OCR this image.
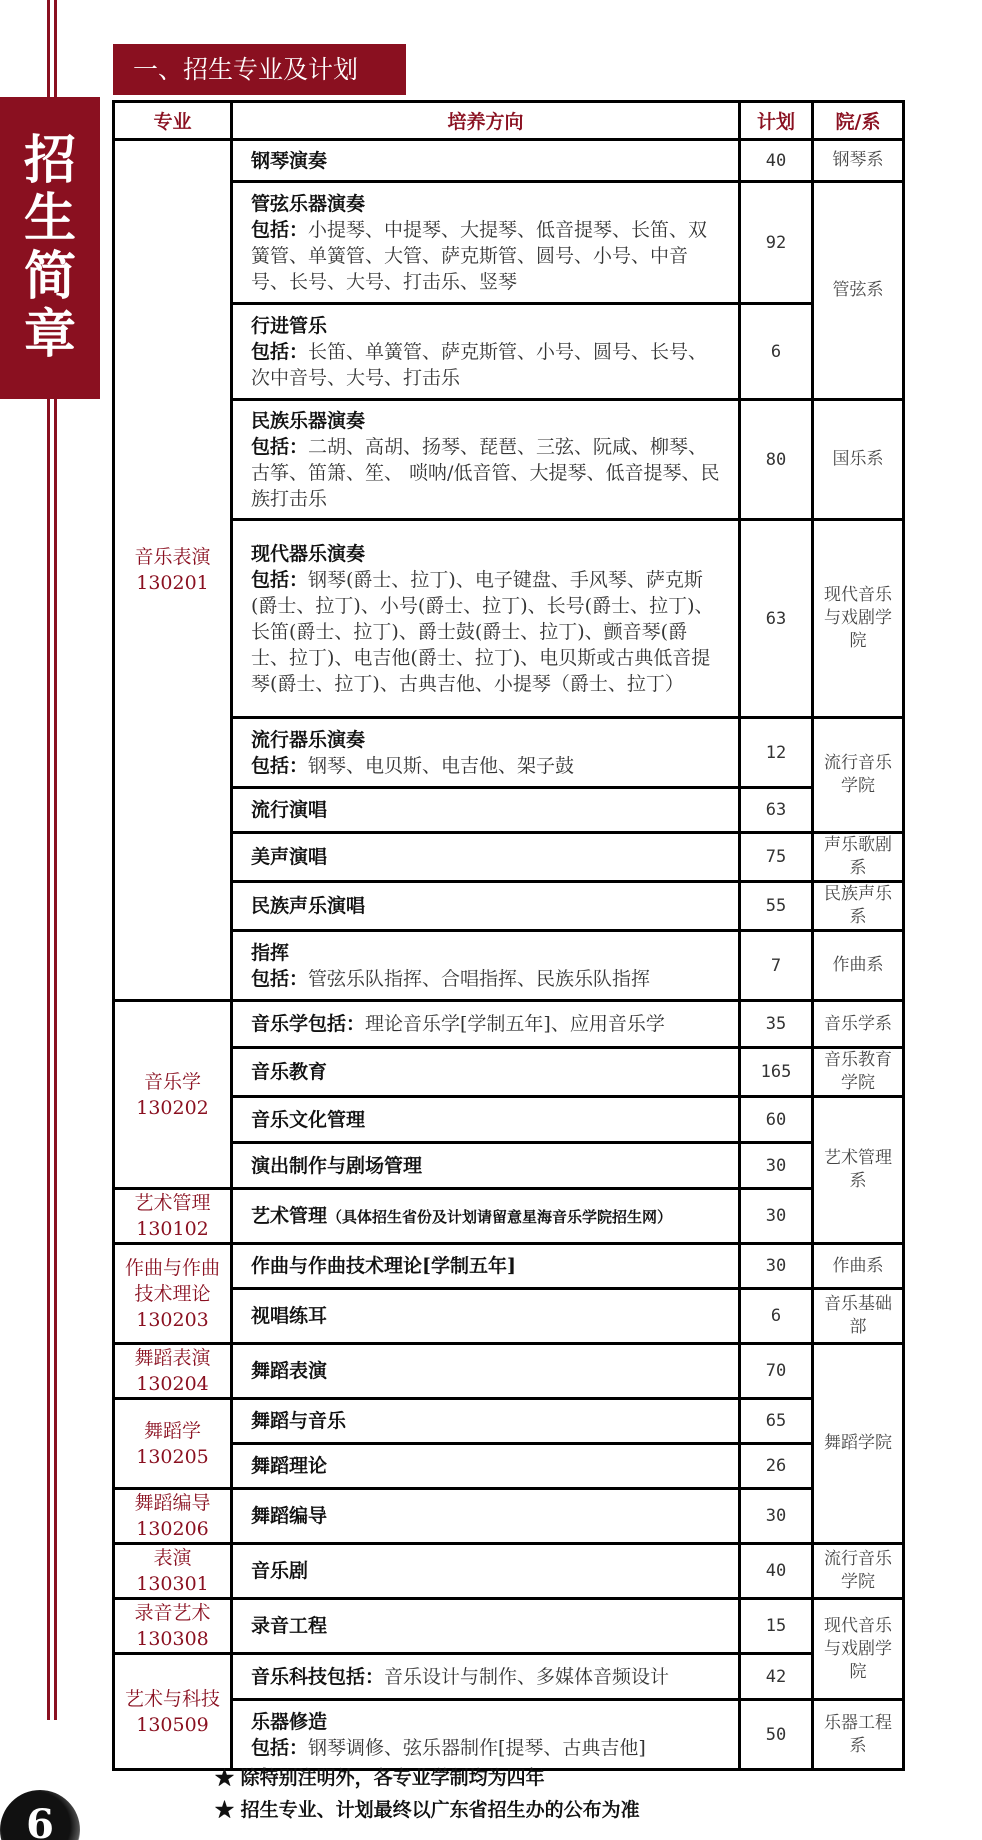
招
生
简
章
一、招生专业及计划
专业	培养方向	计划	院/系

音乐表演
130201	钢琴演奏	40	钢琴系

	管弦乐器演奏
包括：小提琴、中提琴、大提琴、低音提琴、长笛、双簧管、单簧管、大管、萨克斯管、圆号、小号、中音号、长号、大号、打击乐、竖琴	92	管弦系

	行进管乐
包括：长笛、单簧管、萨克斯管、小号、圆号、长号、次中音号、大号、打击乐	6	

	民族乐器演奏
包括：二胡、高胡、扬琴、琵琶、三弦、阮咸、柳琴、古筝、笛箫、笙、 唢呐/低音管、大提琴、低音提琴、民族打击乐	80	国乐系

	现代器乐演奏
包括：钢琴(爵士、拉丁)、电子键盘、手风琴、萨克斯(爵士、拉丁)、小号(爵士、拉丁)、长号(爵士、拉丁)、长笛(爵士、拉丁)、爵士鼓(爵士、拉丁)、颤音琴(爵士、拉丁)、电吉他(爵士、拉丁)、电贝斯或古典低音提琴(爵士、拉丁)、古典吉他、小提琴（爵士、拉丁）	63	现代音乐与戏剧学院

	流行器乐演奏
包括：钢琴、电贝斯、电吉他、架子鼓	12	流行音乐学院
	流行演唱	63	
	美声演唱	75	声乐歌剧系
	民族声乐演唱	55	民族声乐系

	指挥
包括：管弦乐队指挥、合唱指挥、民族乐队指挥	7	作曲系

音乐学
130202	音乐学包括：理论音乐学[学制五年]、应用音乐学	35	音乐学系
	音乐教育	165	音乐教育学院
	音乐文化管理	60	艺术管理系
	演出制作与剧场管理	30	

艺术管理
130102	艺术管理（具体招生省份及计划请留意星海音乐学院招生网）	30	

作曲与作曲技术理论
130203	作曲与作曲技术理论[学制五年]	30	作曲系
	视唱练耳	6	音乐基础部

舞蹈表演
130204	舞蹈表演	70	舞蹈学院

舞蹈学
130205	舞蹈与音乐	65	
	舞蹈理论	26	

舞蹈编导
130206	舞蹈编导	30	

表演
130301	音乐剧	40	流行音乐学院

录音艺术
130308	录音工程	15	现代音乐与戏剧学院

艺术与科技
130509	音乐科技包括：音乐设计与制作、多媒体音频设计	42	

	乐器修造
包括：钢琴调修、弦乐器制作[提琴、古典吉他]	50	乐器工程系
★ 除特别注明外，各专业学制均为四年
★ 招生专业、计划最终以广东省招生办的公布为准
6
